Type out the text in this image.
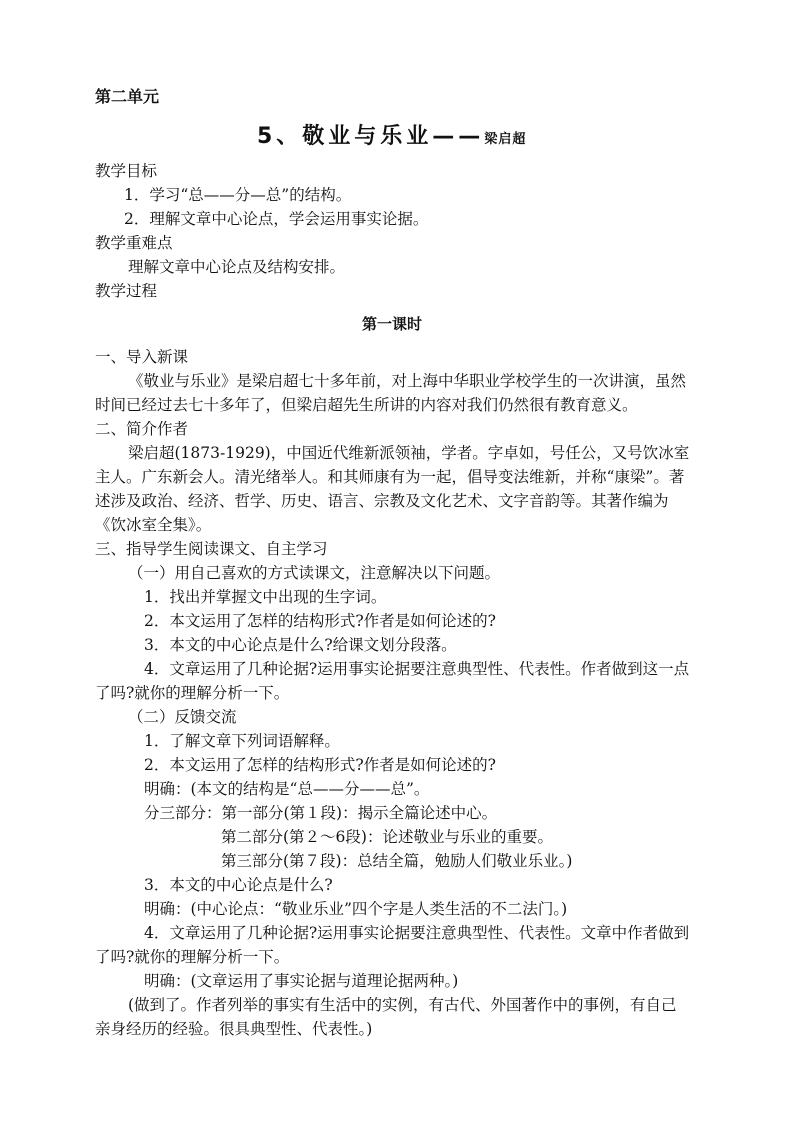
第二单元
5、敬业与乐业——梁启超
教学目标
1．学习“总——分—总”的结构。
2．理解文章中心论点，学会运用事实论据。
教学重难点
理解文章中心论点及结构安排。
教学过程
第一课时
一、导入新课
《敬业与乐业》是梁启超七十多年前，对上海中华职业学校学生的一次讲演，虽然
时间已经过去七十多年了，但梁启超先生所讲的内容对我们仍然很有教育意义。
二、简介作者
梁启超(1873-1929)，中国近代维新派领袖，学者。字卓如，号任公，又号饮冰室
主人。广东新会人。清光绪举人。和其师康有为一起，倡导变法维新，并称“康梁”。著
述涉及政治、经济、哲学、历史、语言、宗教及文化艺术、文字音韵等。其著作编为
《饮冰室全集》。
三、指导学生阅读课文、自主学习
（一）用自己喜欢的方式读课文，注意解决以下问题。
1．找出并掌握文中出现的生字词。
2．本文运用了怎样的结构形式?作者是如何论述的?
3．本文的中心论点是什么?给课文划分段落。
4．文章运用了几种论据?运用事实论据要注意典型性、代表性。作者做到这一点
了吗?就你的理解分析一下。
（二）反馈交流
1．了解文章下列词语解释。
2．本文运用了怎样的结构形式?作者是如何论述的?
明确：(本文的结构是“总——分——总”。
分三部分：第一部分(第１段)：揭示全篇论述中心。
第二部分(第２～6段)：论述敬业与乐业的重要。
第三部分(第７段)：总结全篇，勉励人们敬业乐业。)
3．本文的中心论点是什么?
明确：(中心论点：“敬业乐业”四个字是人类生活的不二法门。)
4．文章运用了几种论据?运用事实论据要注意典型性、代表性。文章中作者做到
了吗?就你的理解分析一下。
明确：(文章运用了事实论据与道理论据两种。)
(做到了。作者列举的事实有生活中的实例，有古代、外国著作中的事例，有自己
亲身经历的经验。很具典型性、代表性。)
